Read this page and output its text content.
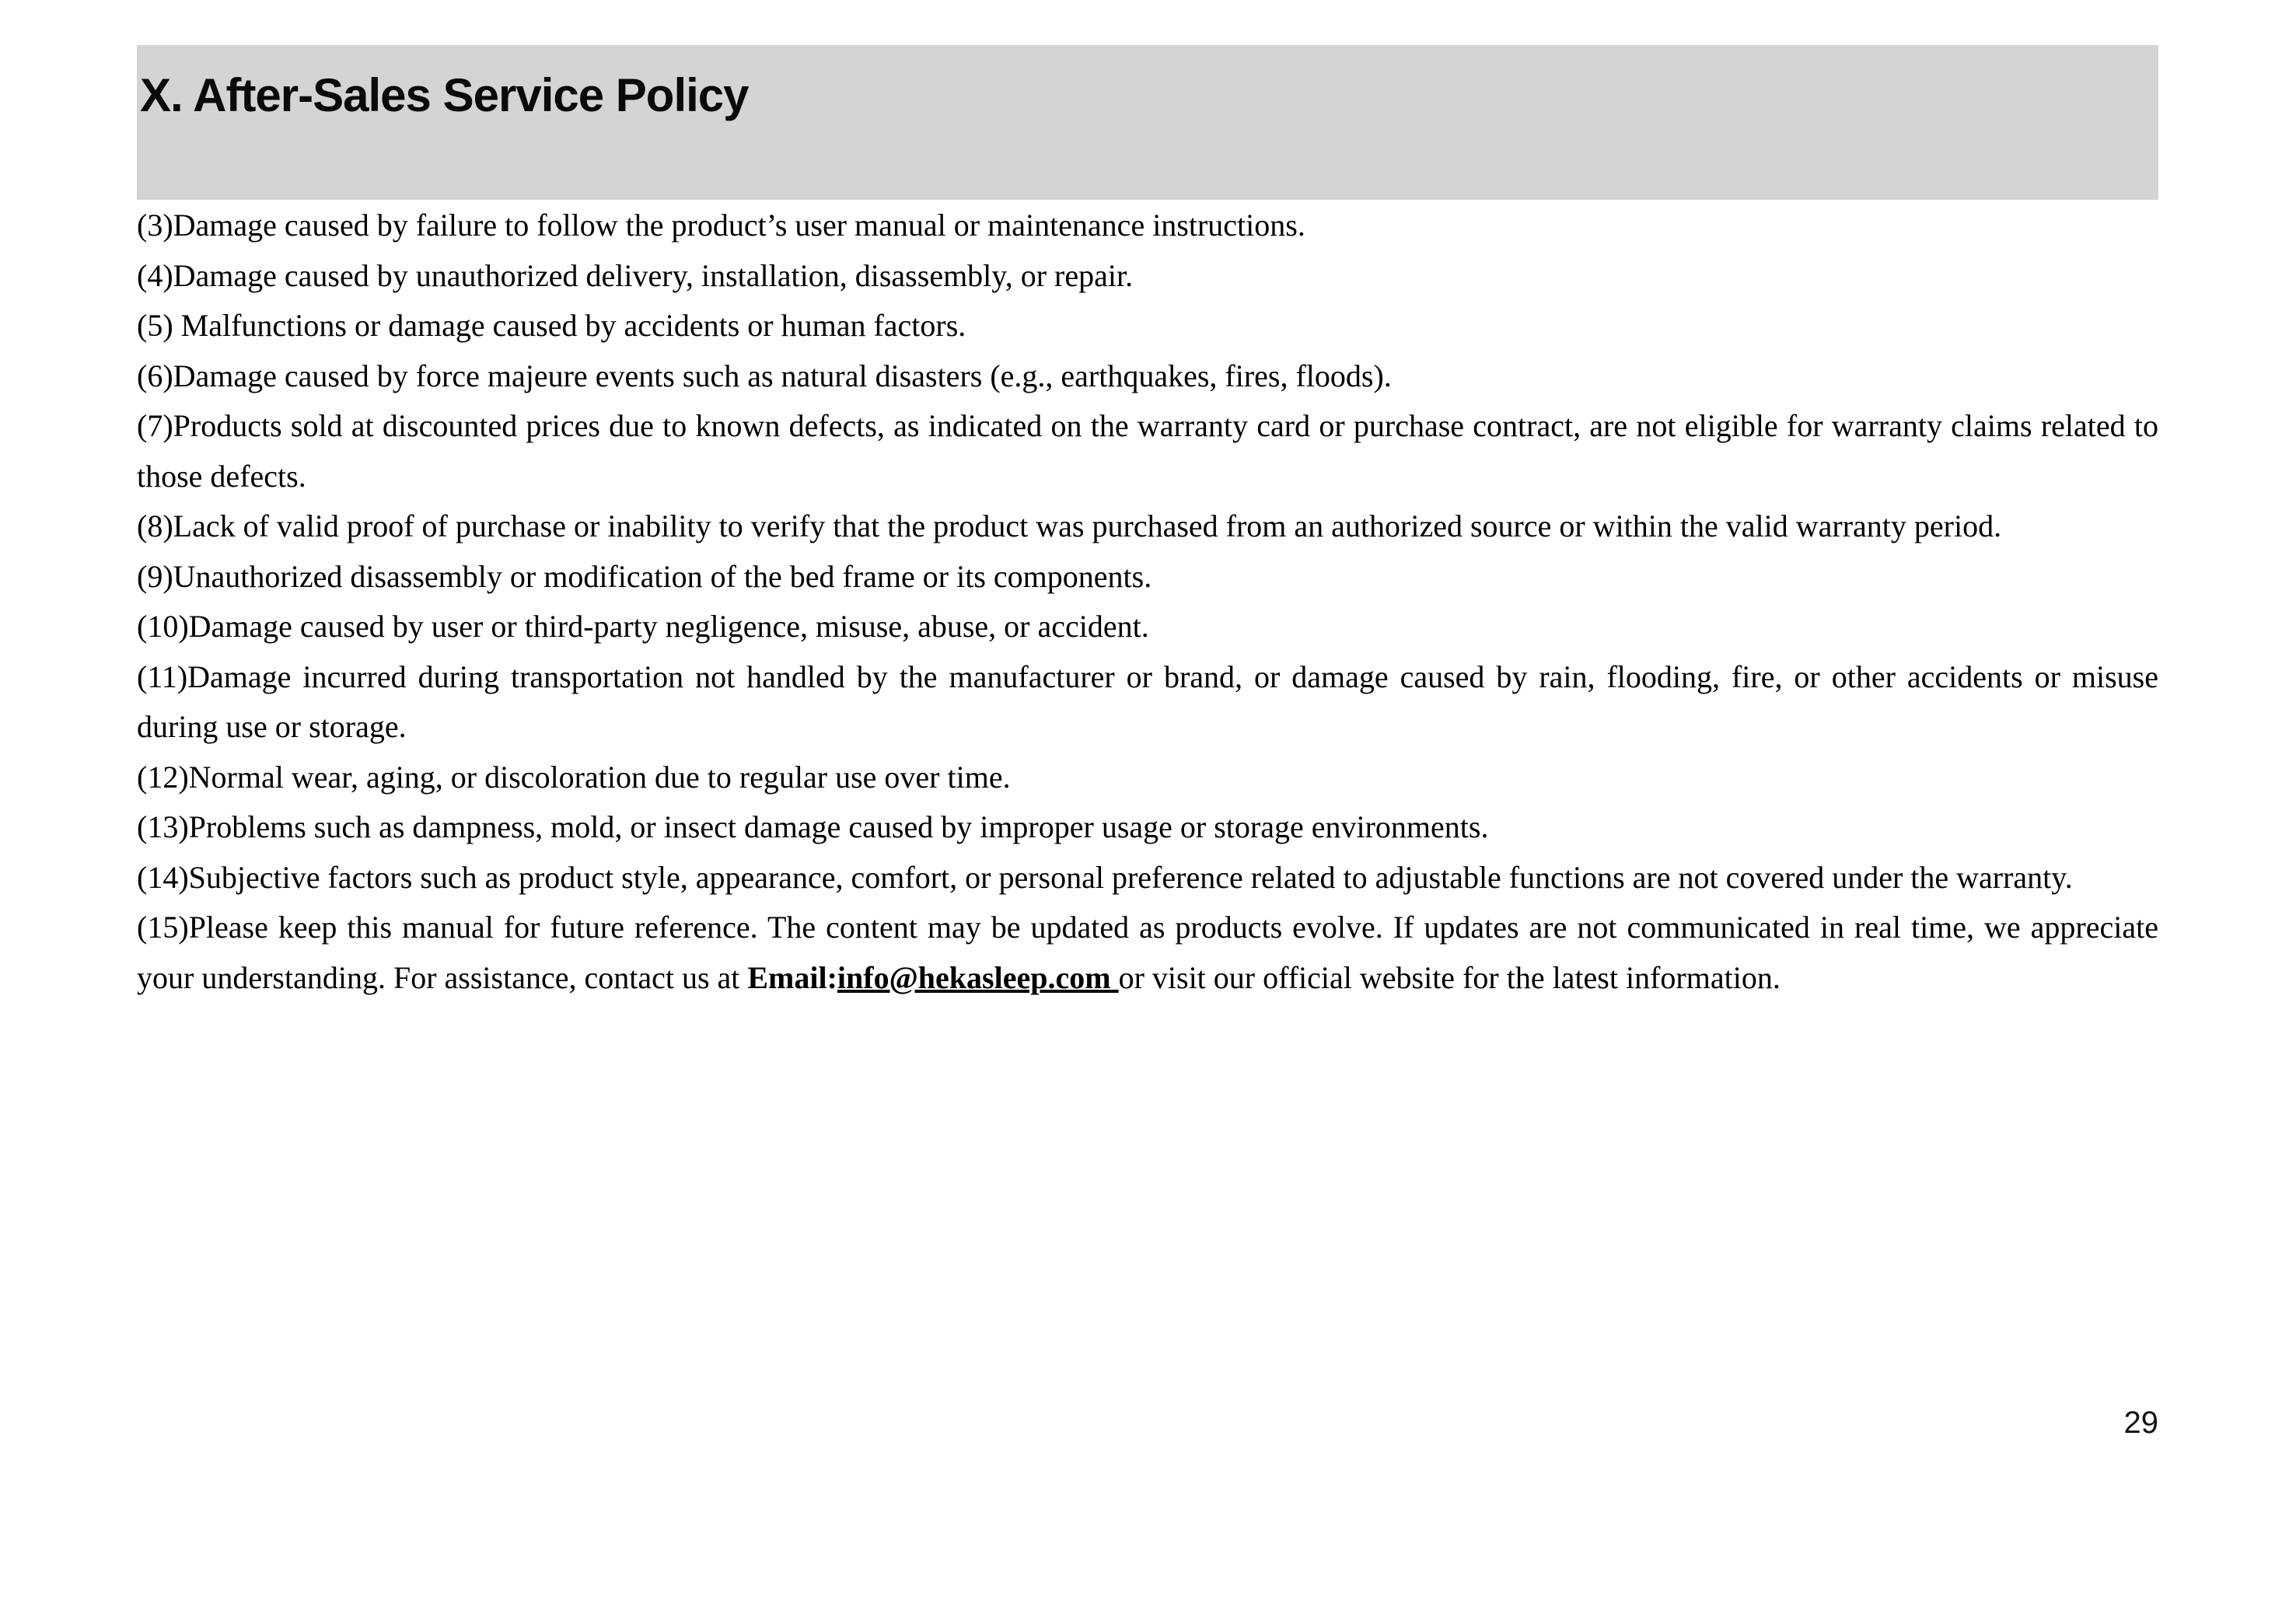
X. After-Sales Service Policy

(3)Damage caused by failure to follow the product’s user manual or maintenance instructions.

(4)Damage caused by unauthorized delivery, installation, disassembly, or repair.

(5) Malfunctions or damage caused by accidents or human factors.

(6)Damage caused by force majeure events such as natural disasters (e.g., earthquakes, fires, floods).

(7)Products sold at discounted prices due to known defects, as indicated on the warranty card or purchase contract, are not eligible for warranty claims related to those defects.

(8)Lack of valid proof of purchase or inability to verify that the product was purchased from an authorized source or within the valid warranty period.

(9)Unauthorized disassembly or modification of the bed frame or its components.

(10)Damage caused by user or third-party negligence, misuse, abuse, or accident.

(11)Damage incurred during transportation not handled by the manufacturer or brand, or damage caused by rain, flooding, fire, or other accidents or misuse during use or storage.

(12)Normal wear, aging, or discoloration due to regular use over time.

(13)Problems such as dampness, mold, or insect damage caused by improper usage or storage environments.

(14)Subjective factors such as product style, appearance, comfort, or personal preference related to adjustable functions are not covered under the warranty.

(15)Please keep this manual for future reference. The content may be updated as products evolve. If updates are not communicated in real time, we appreciate your understanding. For assistance, contact us at Email:info@hekasleep.com or visit our official website for the latest information.

29
